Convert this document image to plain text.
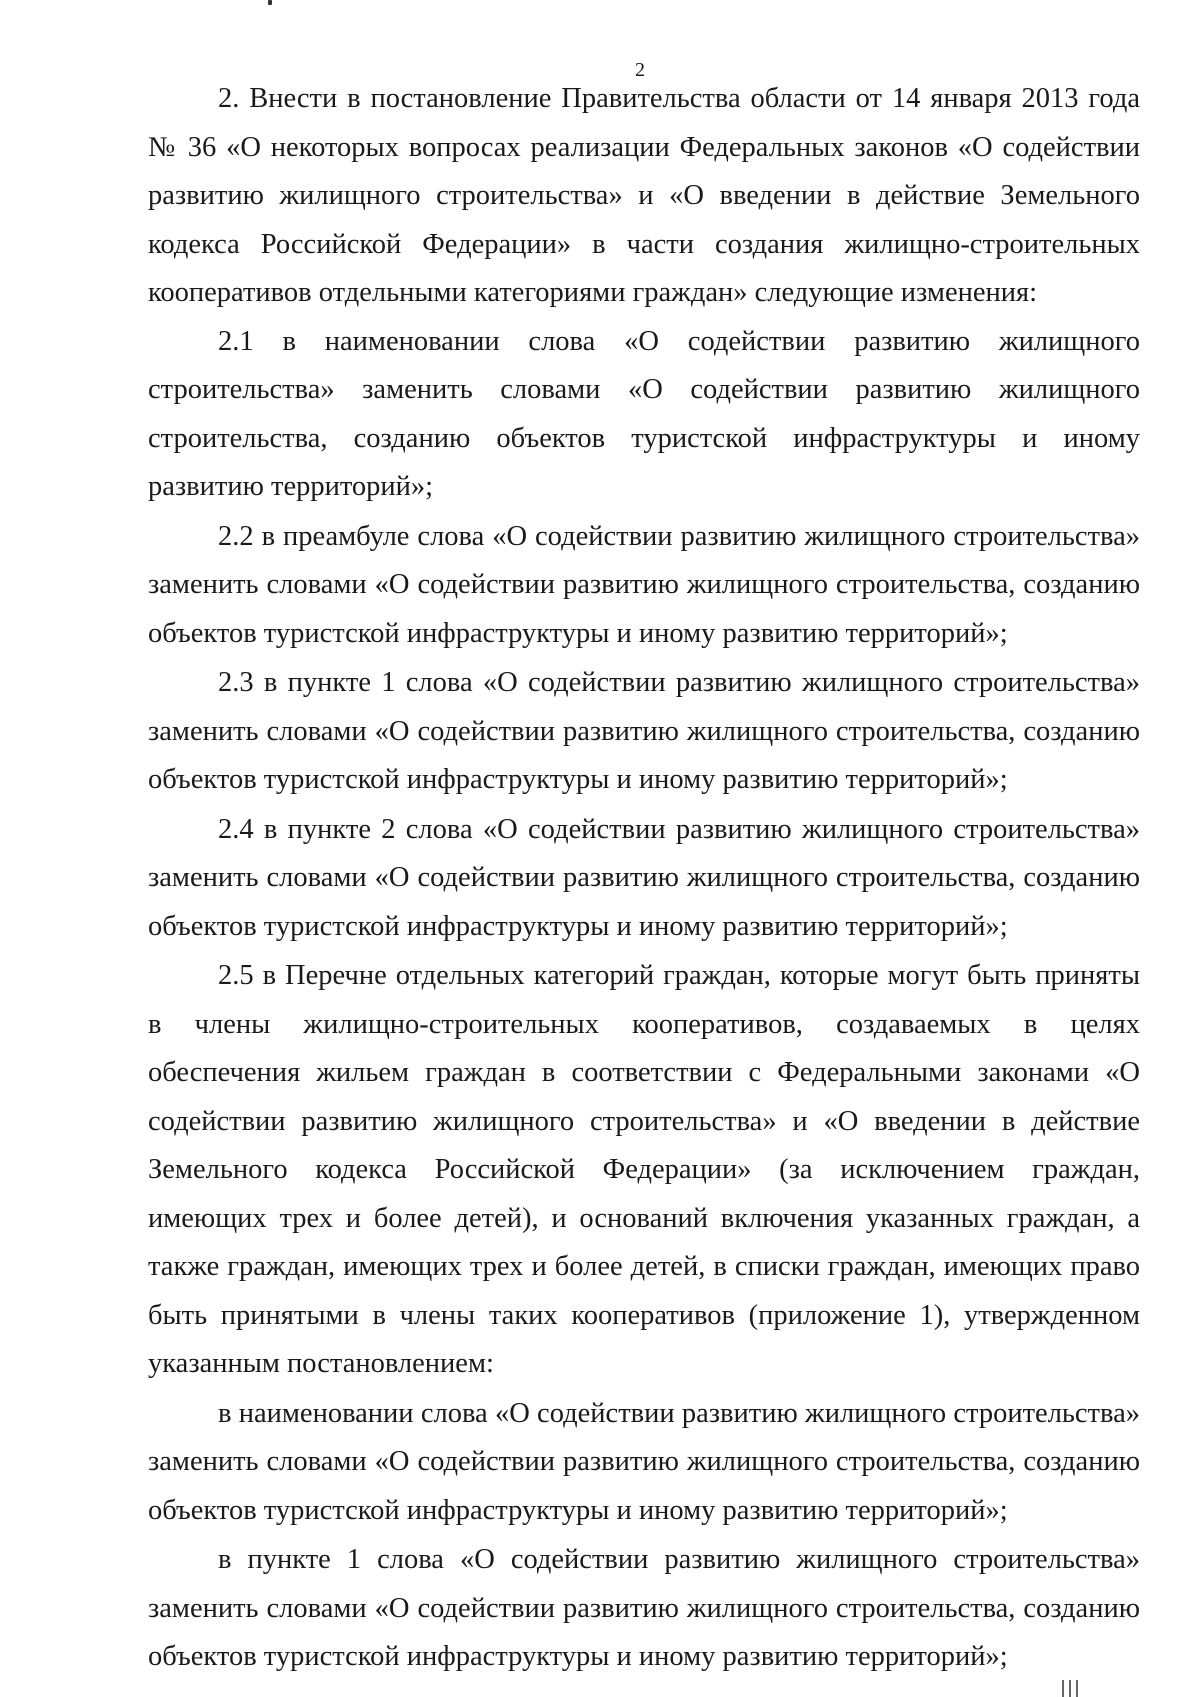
2

2. Внести в постановление Правительства области от 14 января 2013 года № 36 «О некоторых вопросах реализации Федеральных законов «О содействии развитию жилищного строительства» и «О введении в действие Земельного кодекса Российской Федерации» в части создания жилищно-строительных кооперативов отдельными категориями граждан» следующие изменения:

2.1 в наименовании слова «О содействии развитию жилищного строительства» заменить словами «О содействии развитию жилищного строительства, созданию объектов туристской инфраструктуры и иному развитию территорий»;

2.2 в преамбуле слова «О содействии развитию жилищного строительства» заменить словами «О содействии развитию жилищного строительства, созданию объектов туристской инфраструктуры и иному развитию территорий»;

2.3 в пункте 1 слова «О содействии развитию жилищного строительства» заменить словами «О содействии развитию жилищного строительства, созданию объектов туристской инфраструктуры и иному развитию территорий»;

2.4 в пункте 2 слова «О содействии развитию жилищного строительства» заменить словами «О содействии развитию жилищного строительства, созданию объектов туристской инфраструктуры и иному развитию территорий»;

2.5 в Перечне отдельных категорий граждан, которые могут быть приняты в члены жилищно-строительных кооперативов, создаваемых в целях обеспечения жильем граждан в соответствии с Федеральными законами «О содействии развитию жилищного строительства» и «О введении в действие Земельного кодекса Российской Федерации» (за исключением граждан, имеющих трех и более детей), и оснований включения указанных граждан, а также граждан, имеющих трех и более детей, в списки граждан, имеющих право быть принятыми в члены таких кооперативов (приложение 1), утвержденном указанным постановлением:

в наименовании слова «О содействии развитию жилищного строительства» заменить словами «О содействии развитию жилищного строительства, созданию объектов туристской инфраструктуры и иному развитию территорий»;

в пункте 1 слова «О содействии развитию жилищного строительства» заменить словами «О содействии развитию жилищного строительства, созданию объектов туристской инфраструктуры и иному развитию территорий»;
